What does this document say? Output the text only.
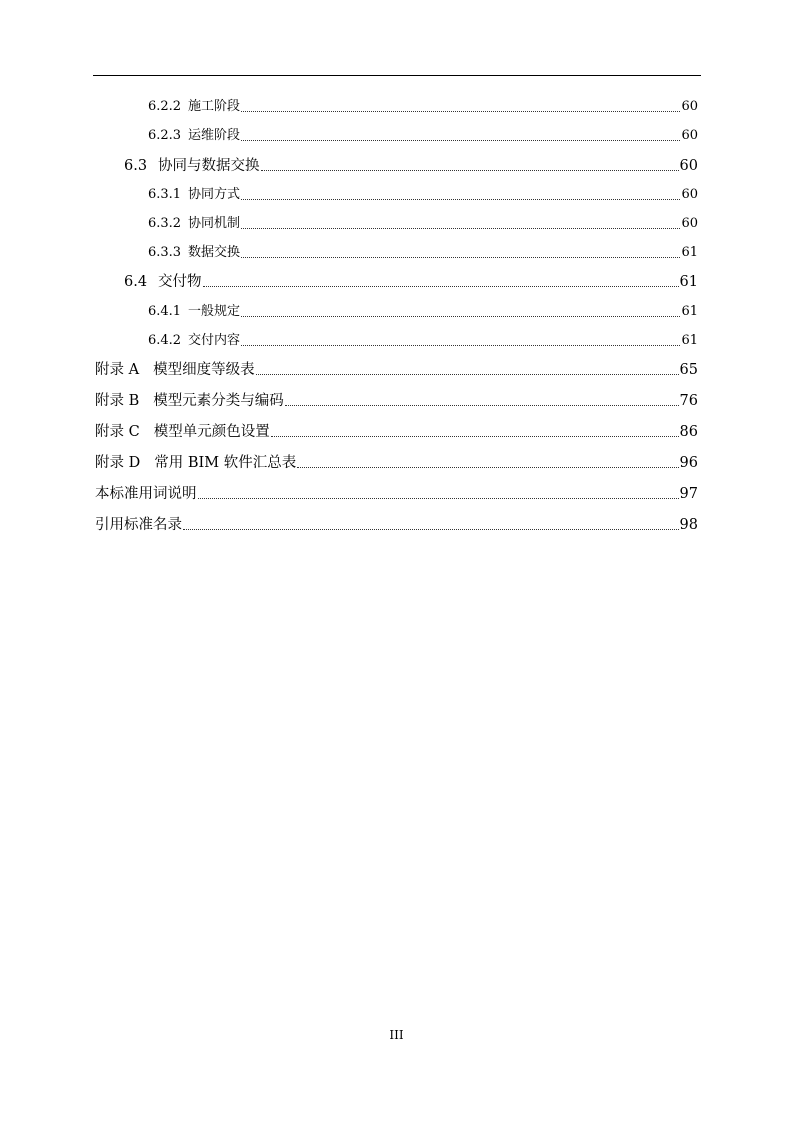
6.2.2 施工阶段	60
6.2.3 运维阶段	60
6.3 协同与数据交换	60
6.3.1 协同方式	60
6.3.2 协同机制	60
6.3.3 数据交换	61
6.4 交付物	61
6.4.1 一般规定	61
6.4.2 交付内容	61
附录 A 模型细度等级表	65
附录 B 模型元素分类与编码	76
附录 C 模型单元颜色设置	86
附录 D 常用 BIM 软件汇总表	96
本标准用词说明	97
引用标准名录	98
III
